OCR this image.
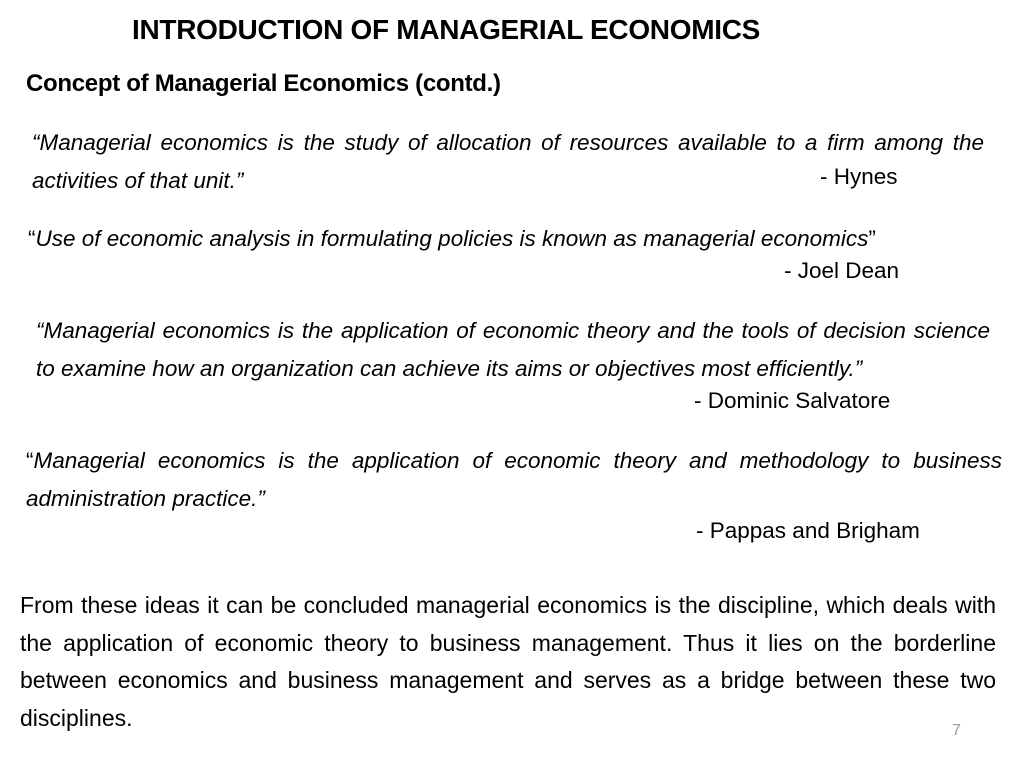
INTRODUCTION OF MANAGERIAL ECONOMICS
Concept of Managerial Economics (contd.)
“Managerial economics is the study of allocation of resources available to a firm among the activities of that unit.”	- Hynes
“Use of economic analysis in formulating policies is known as managerial economics”
- Joel Dean
“Managerial economics is the application of economic theory and the tools of decision science to examine how an organization can achieve its aims or objectives most efficiently.”
- Dominic Salvatore
“Managerial economics is the application of economic theory and methodology to business administration practice.”
- Pappas and Brigham
From these ideas it can be concluded managerial economics is the discipline, which deals with the application of economic theory to business management. Thus it lies on the borderline between economics and business management and serves as a bridge between these two disciplines.	7
